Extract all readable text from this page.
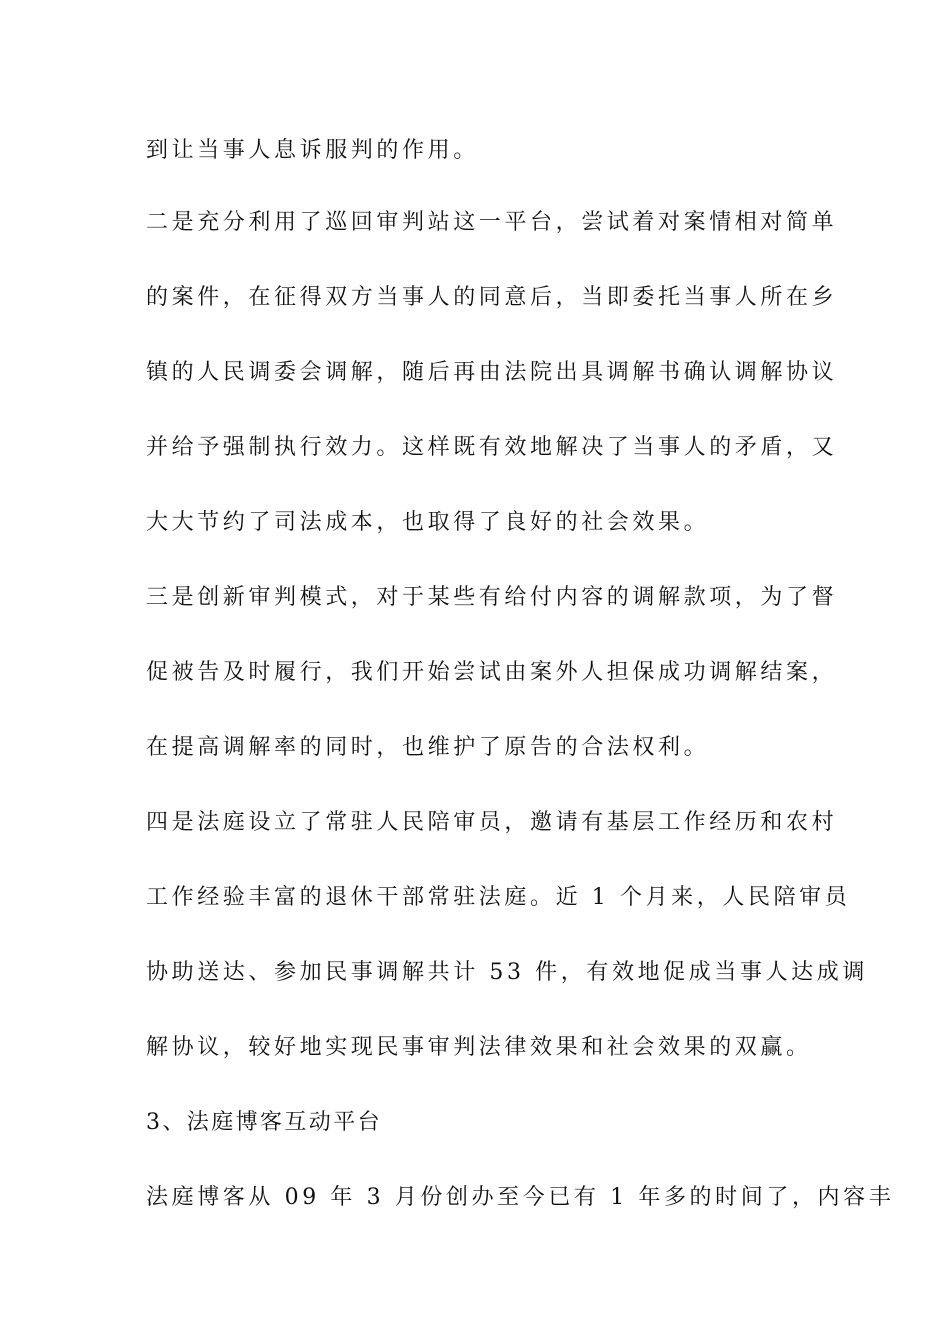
到让当事人息诉服判的作用。
二是充分利用了巡回审判站这一平台，尝试着对案情相对简单
的案件，在征得双方当事人的同意后，当即委托当事人所在乡
镇的人民调委会调解，随后再由法院出具调解书确认调解协议
并给予强制执行效力。这样既有效地解决了当事人的矛盾，又
大大节约了司法成本，也取得了良好的社会效果。
三是创新审判模式，对于某些有给付内容的调解款项，为了督
促被告及时履行，我们开始尝试由案外人担保成功调解结案，
在提高调解率的同时，也维护了原告的合法权利。
四是法庭设立了常驻人民陪审员，邀请有基层工作经历和农村
工作经验丰富的退休干部常驻法庭。近 1 个月来，人民陪审员
协助送达、参加民事调解共计 53 件，有效地促成当事人达成调
解协议，较好地实现民事审判法律效果和社会效果的双赢。
3、法庭博客互动平台
法庭博客从 09 年 3 月份创办至今已有 1 年多的时间了，内容丰
